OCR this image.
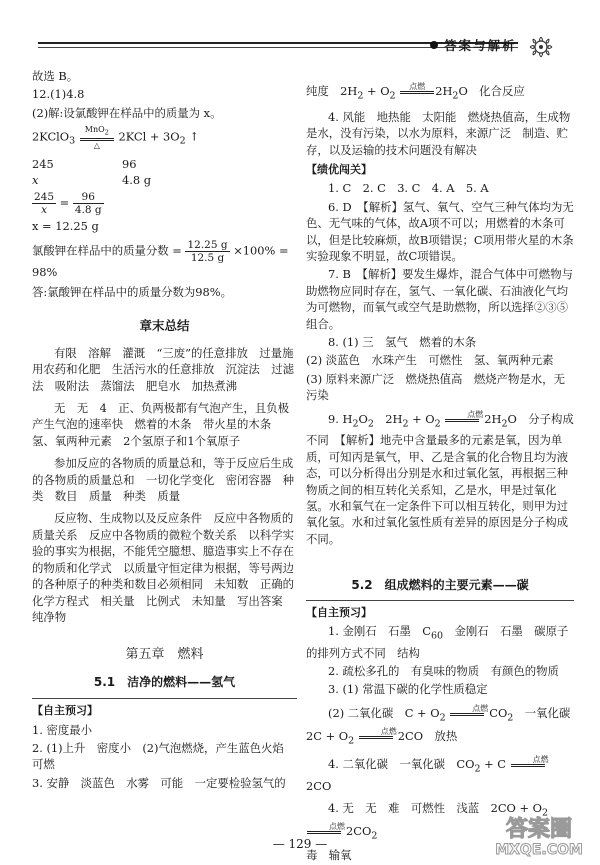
答案与解析

故选 B。

12.(1)4.8

(2)解:设氯酸钾在样品中的质量为 x。

2KClO$_3$
MnO$_2$
△
$2KCl + 3O_2$ ↑

245	96
x	4.8 g

$\frac{245}{x} = \frac{96}{4.8 g}$

x = 12.25 g

氯酸钾在样品中的质量分数 = $\frac{12.25 g}{12.5 g} \times 100\% = 98\%$

答:氯酸钾在样品中的质量分数为98%。

章末总结

有限　溶解　灌溉　“三废”的任意排放　过量施用农药和化肥　生活污水的任意排放　沉淀法　过滤法　吸附法　蒸馏法　肥皂水　加热煮沸

无　无　4　正、负两极都有气泡产生，且负极产生气泡的速率快　燃着的木条　带火星的木条　氢、氧两种元素　2个氢原子和1个氧原子

参加反应的各物质的质量总和，等于反应后生成的各物质的质量总和　一切化学变化　密闭容器　种类　数目　质量　种类　质量

反应物、生成物以及反应条件　反应中各物质的质量关系　反应中各物质的微粒个数关系　以科学实验的事实为根据，不能凭空臆想、臆造事实上不存在的物质和化学式　以质量守恒定律为根据，等号两边的各种原子的种类和数目必须相同　未知数　正确的化学方程式　相关量　比例式　未知量　写出答案　纯净物

第五章　燃料
5.1　洁净的燃料——氢气
【自主预习】

1. 密度最小

2. (1)上升　密度小　(2)气泡燃烧，产生蓝色火焰　可燃

3. 安静　淡蓝色　水雾　可能　一定要检验氢气的

纯度　$2H_2 + O_2$
点燃 $2H_2O$　化合反应

4. 风能　地热能　太阳能　燃烧热值高，生成物是水，没有污染，以水为原料，来源广泛　制造、贮存，以及运输的技术问题没有解决

【绩优闯关】

1. C　2. C　3. C　4. A　5. A

6. D　【解析】氢气、氧气、空气三种气体均为无色、无气味的气体，故A项不可以；用燃着的木条可以，但是比较麻烦，故B项错误；C项用带火星的木条实验现象不明显，故C项错误。

7. B　【解析】要发生爆炸，混合气体中可燃物与助燃物应同时存在，氢气、一氧化碳、石油液化气均为可燃物，而氧气或空气是助燃物，所以选择②③⑤组合。

8. (1) 三　氢气　燃着的木条

(2) 淡蓝色　水珠产生　可燃性　氢、氧两种元素

(3) 原料来源广泛　燃烧热值高　燃烧产物是水，无污染

9. $H_2O_2$　$2H_2 + O_2$
点燃 $2H_2O$　分子构成不同　【解析】地壳中含量最多的元素是氧，因为单质，可知丙是氧气，甲、乙是含氧的化合物且均为液态，可以分析得出分别是水和过氧化氢，再根据三种物质之间的相互转化关系知，乙是水，甲是过氧化氢。水和氧气在一定条件下可以相互转化，则甲为过氧化氢。水和过氧化氢性质有差异的原因是分子构成不同。

5.2　组成燃料的主要元素——碳
【自主预习】

1. 金刚石　石墨　$C_{60}$　金刚石　石墨　碳原子的排列方式不同　结构

2. 疏松多孔的　有臭味的物质　有颜色的物质

3. (1) 常温下碳的化学性质稳定

(2) 二氧化碳　$C + O_2$
点燃 $CO_2$　一氧化碳　$2C + O_2$
点燃 2CO　放热

4. 二氧化碳　一氧化碳　$CO_2 + C$	点燃
2CO

4. 无　无　难　可燃性　浅蓝　$2CO + O_2$
点燃 $2CO_2$

毒　输氧

— 129 —
答案圈
MXQE.COM
